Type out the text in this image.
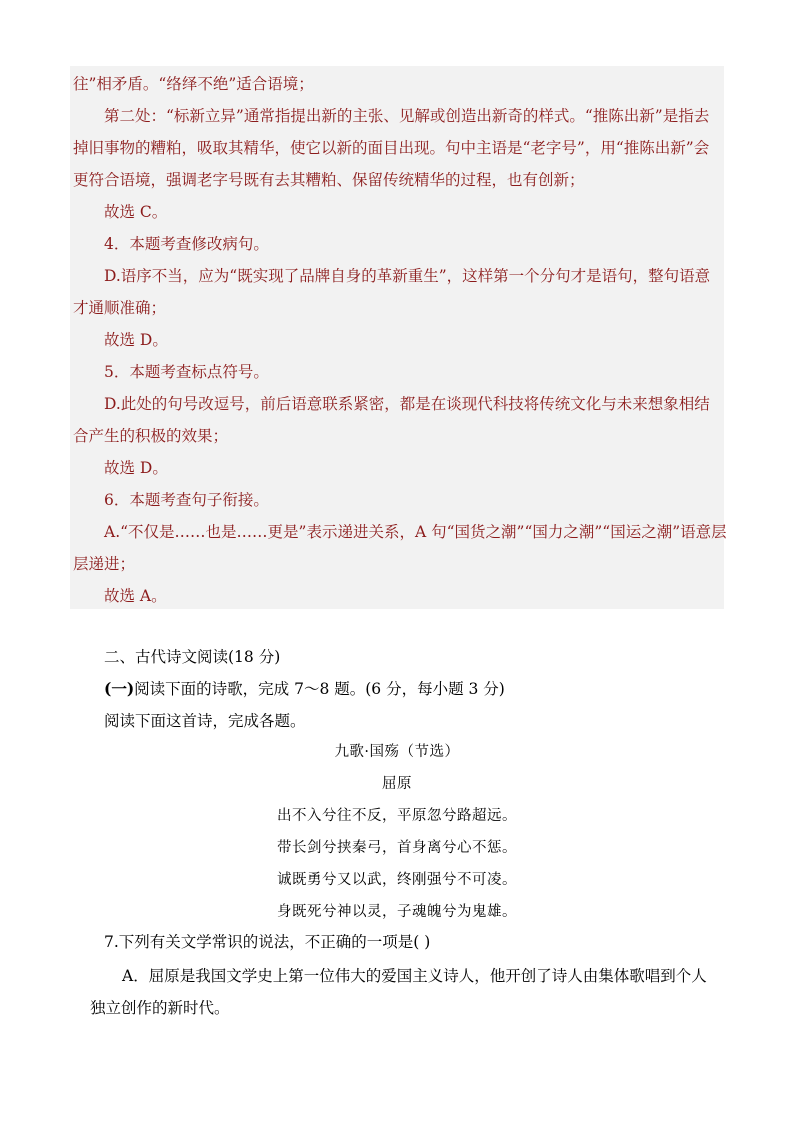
往”相矛盾。“络绎不绝”适合语境；
第二处：“标新立异”通常指提出新的主张、见解或创造出新奇的样式。“推陈出新”是指去
掉旧事物的糟粕，吸取其精华，使它以新的面目出现。句中主语是“老字号”，用“推陈出新”会
更符合语境，强调老字号既有去其糟粕、保留传统精华的过程，也有创新；
故选 C。
4．本题考查修改病句。
D.语序不当，应为“既实现了品牌自身的革新重生”，这样第一个分句才是语句，整句语意
才通顺准确；
故选 D。
5．本题考查标点符号。
D.此处的句号改逗号，前后语意联系紧密，都是在谈现代科技将传统文化与未来想象相结
合产生的积极的效果；
故选 D。
6．本题考查句子衔接。
A.“不仅是……也是……更是”表示递进关系，A 句“国货之潮”“国力之潮”“国运之潮”语意层
层递进；
故选 A。
二、古代诗文阅读(18 分)
(一)阅读下面的诗歌，完成 7～8 题。(6 分，每小题 3 分)
阅读下面这首诗，完成各题。
九歌·国殇（节选）
屈原
出不入兮往不反，平原忽兮路超远。
带长剑兮挟秦弓，首身离兮心不惩。
诚既勇兮又以武，终刚强兮不可凌。
身既死兮神以灵，子魂魄兮为鬼雄。
7.下列有关文学常识的说法，不正确的一项是( )
A．屈原是我国文学史上第一位伟大的爱国主义诗人，他开创了诗人由集体歌唱到个人
独立创作的新时代。
